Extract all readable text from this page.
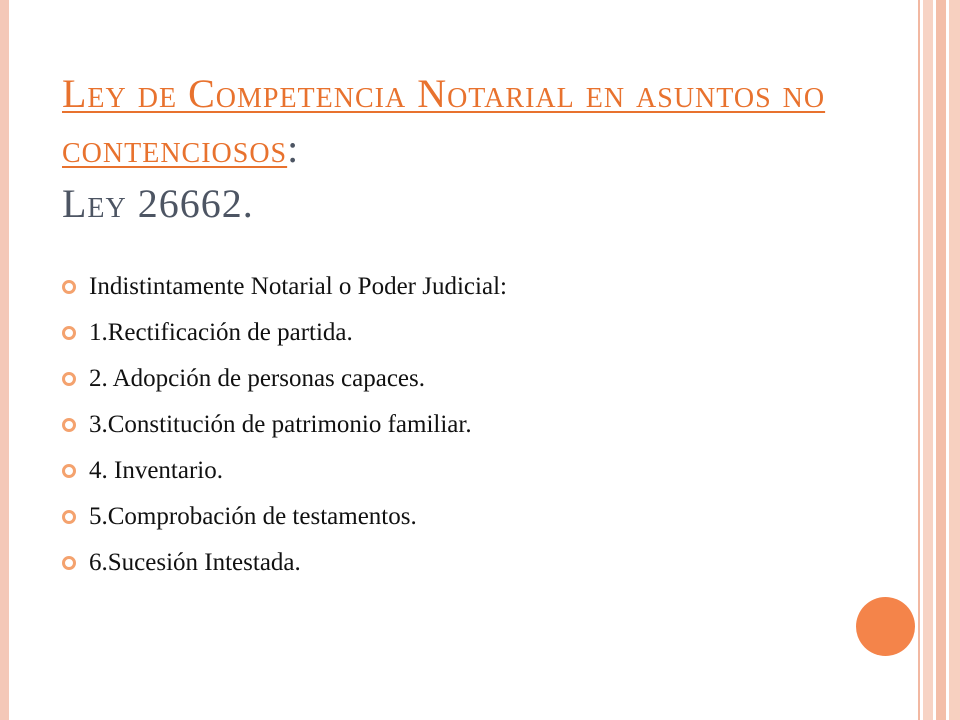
Ley de Competencia Notarial en asuntos no contenciosos:
Ley 26662.
Indistintamente Notarial o Poder Judicial:
1.Rectificación de partida.
2. Adopción de personas capaces.
3.Constitución de patrimonio familiar.
4. Inventario.
5.Comprobación de testamentos.
6.Sucesión Intestada.
